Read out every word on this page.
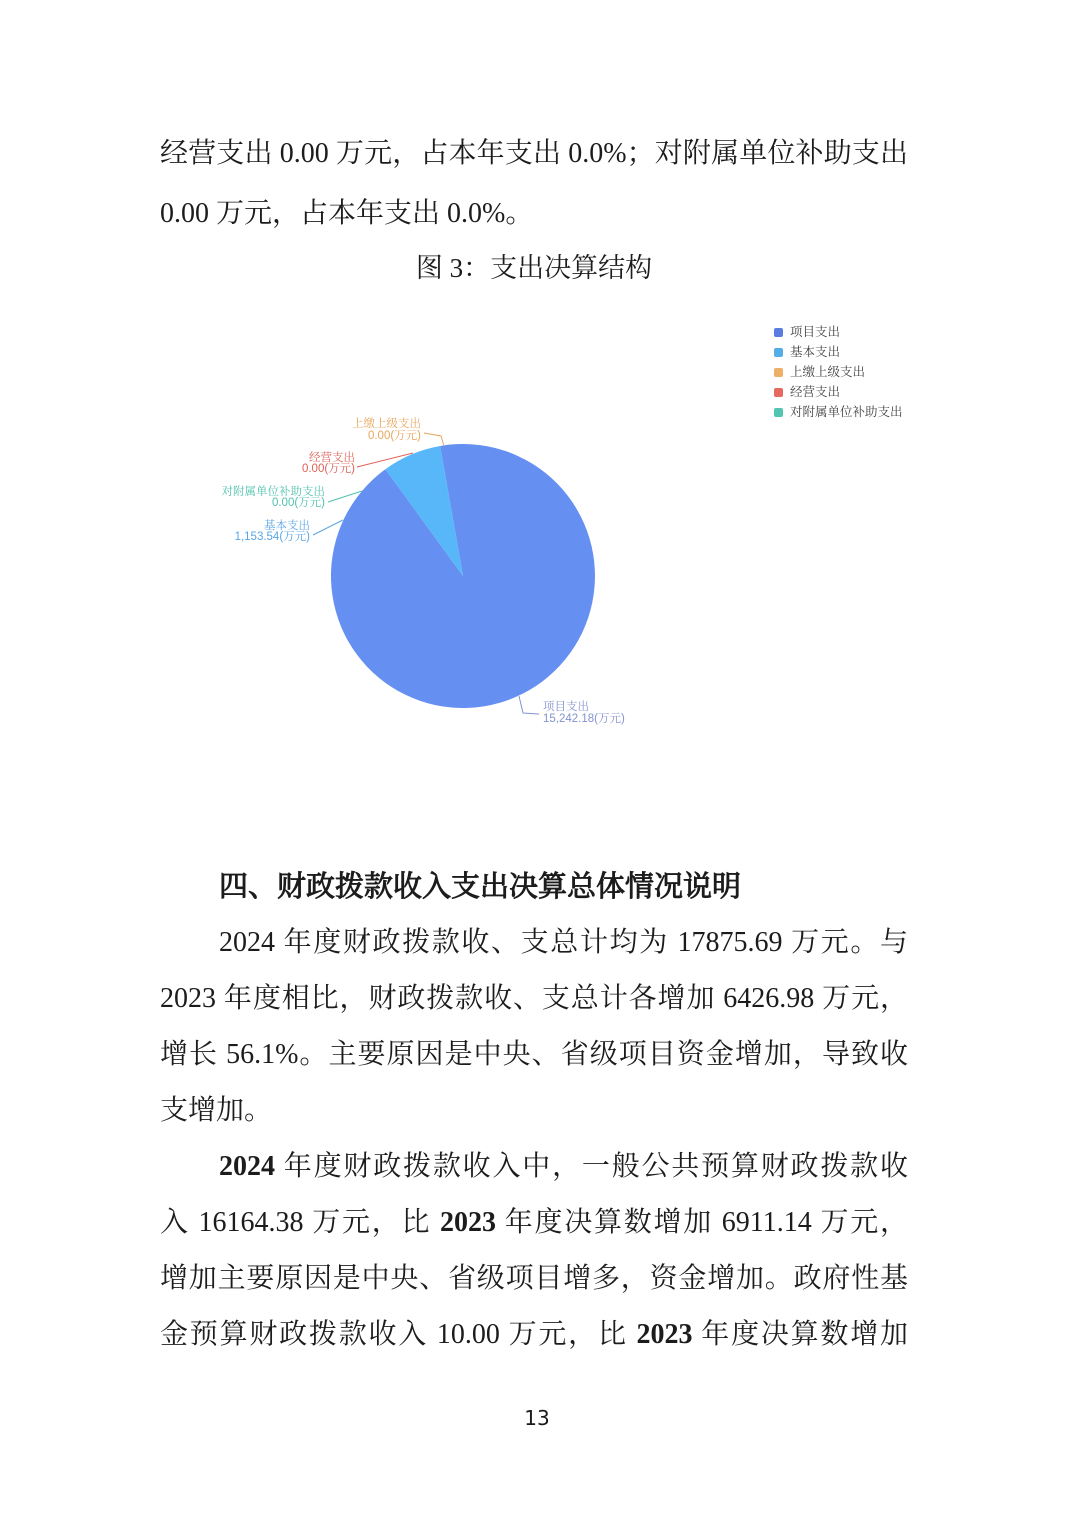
经营支出 0.00 万元，占本年支出 0.0%；对附属单位补助支出
0.00 万元，占本年支出 0.0%。
图 3：支出决算结构
上缴上级支出
0.00(万元)
经营支出
0.00(万元)
对附属单位补助支出
0.00(万元)
基本支出
1,153.54(万元)
项目支出
15,242.18(万元)
项目支出
基本支出
上缴上级支出
经营支出
对附属单位补助支出
四、财政拨款收入支出决算总体情况说明
2024 年度财政拨款收、支总计均为 17875.69 万元。与
2023 年度相比，财政拨款收、支总计各增加 6426.98 万元，
增长 56.1%。主要原因是中央、省级项目资金增加，导致收
支增加。
2024 年度财政拨款收入中，一般公共预算财政拨款收
入 16164.38 万元，比 2023 年度决算数增加 6911.14 万元，
增加主要原因是中央、省级项目增多，资金增加。政府性基
金预算财政拨款收入 10.00 万元，比 2023 年度决算数增加
13
